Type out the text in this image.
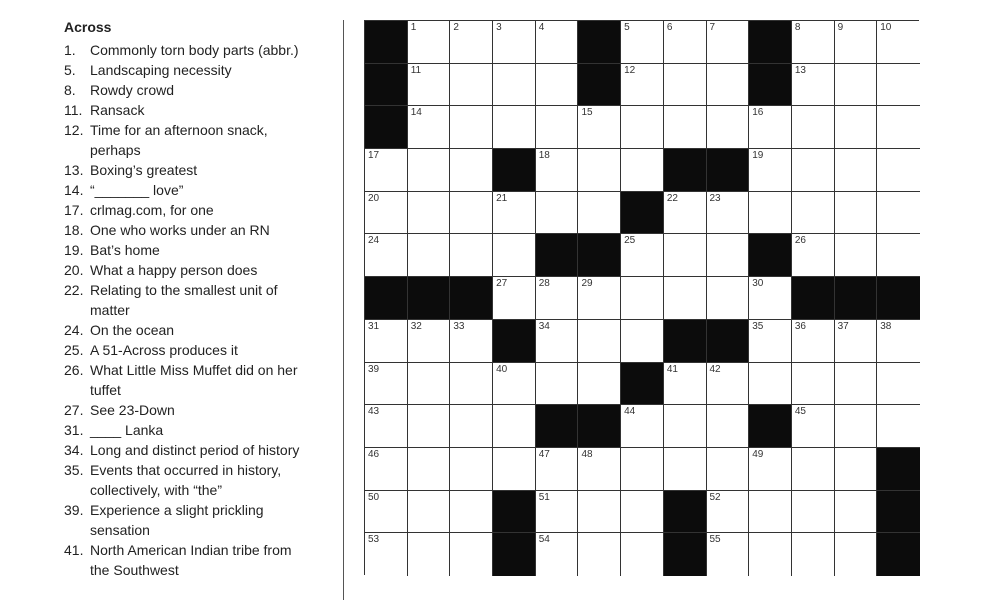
Across
1.	Commonly torn body parts (abbr.)
5.	Landscaping necessity
8.	Rowdy crowd
11. Ransack
12. Time for an afternoon snack, perhaps
13. Boxing’s greatest
14. “_______ love”
17. crlmag.com, for one
18. One who works under an RN
19. Bat’s home
20. What a happy person does
22. Relating to the smallest unit of matter
24. On the ocean
25. A 51-Across produces it
26. What Little Miss Muffet did on her tuffet
27. See 23-Down
31. ____ Lanka
34. Long and distinct period of history
35. Events that occurred in history, collectively, with “the”
39. Experience a slight prickling sensation
41. North American Indian tribe from the Southwest
1	2	3	4	5	6	7	8	9	10
11	12	13
14	15	16
17	18	19
20	21	22	23
24	25	26
27	28	29	30
31	32	33	34	35	36	37	38
39	40	41	42
43	44	45
46	47	48	49
50	51	52
53	54	55
